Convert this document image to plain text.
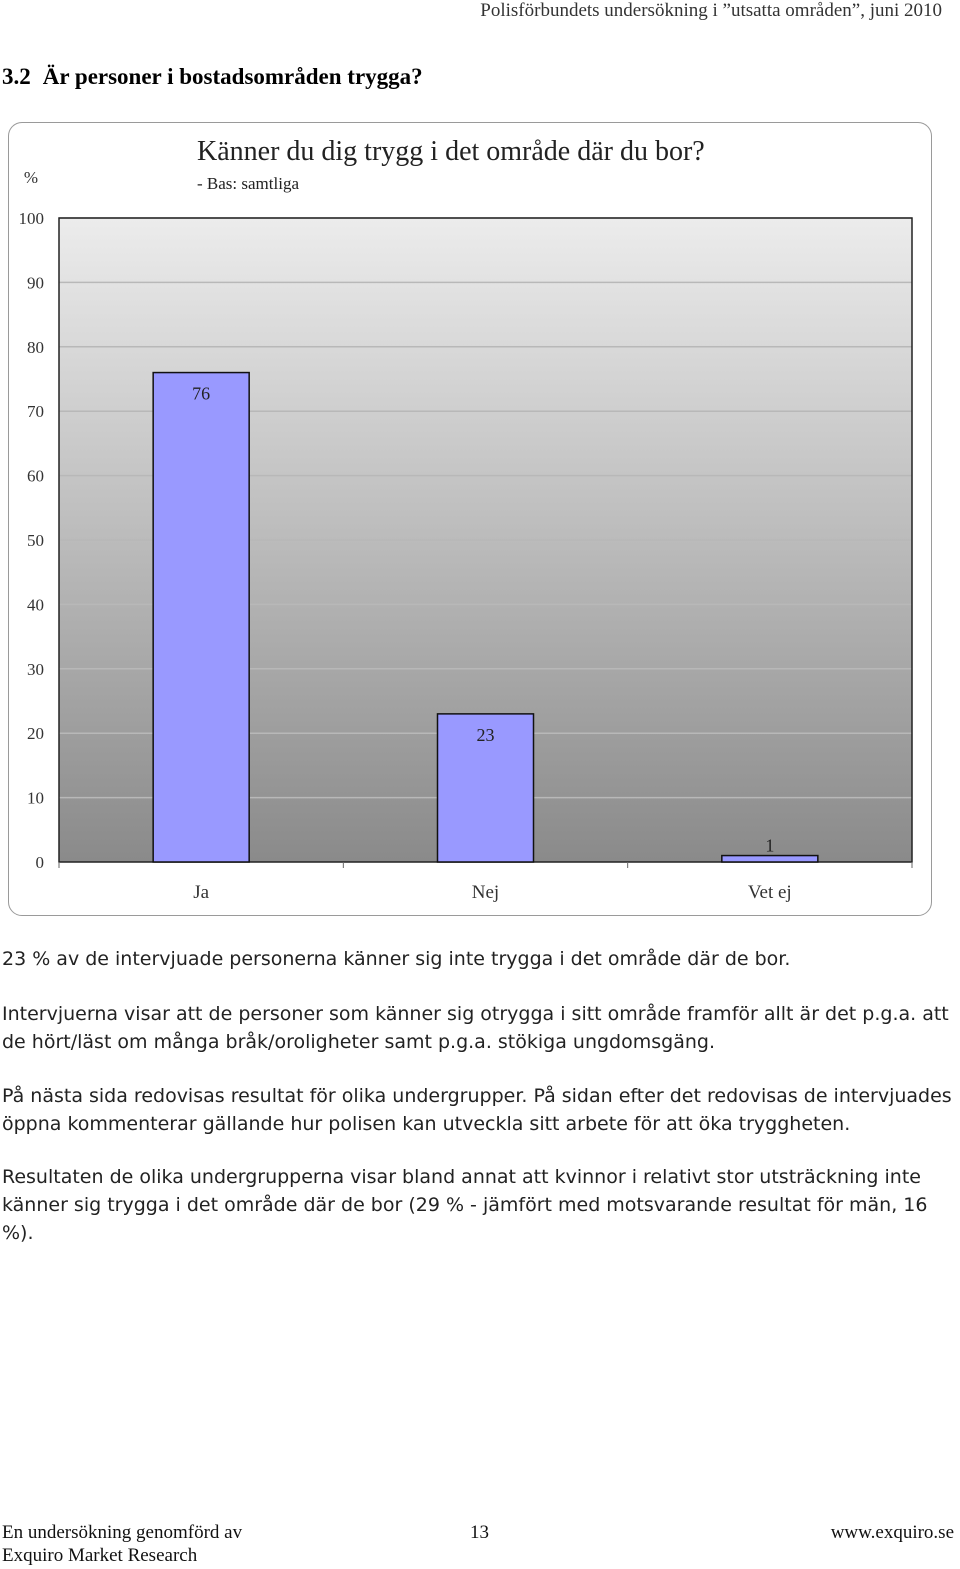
Polisförbundets undersökning i ”utsatta områden”, juni 2010
3.2 Är personer i bostadsområden trygga?
%
0
10
20
30
40
50
60
70
80
90
100
76
Ja
23
Nej
1
Vet ej
Känner du dig trygg i det område där du bor?
- Bas: samtliga

23 % av de intervjuade personerna känner sig inte trygga i det område där de bor.

Intervjuerna visar att de personer som känner sig otrygga i sitt område framför allt är det p.g.a. att de hört/läst om många bråk/oroligheter samt p.g.a. stökiga ungdomsgäng.

På nästa sida redovisas resultat för olika undergrupper. På sidan efter det redovisas de intervjuades öppna kommenterar gällande hur polisen kan utveckla sitt arbete för att öka tryggheten.

Resultaten de olika undergrupperna visar bland annat att kvinnor i relativt stor utsträckning inte känner sig trygga i det område där de bor (29 % - jämfört med motsvarande resultat för män, 16 %).

En undersökning genomförd av
Exquiro Market Research
13	www.exquiro.se
